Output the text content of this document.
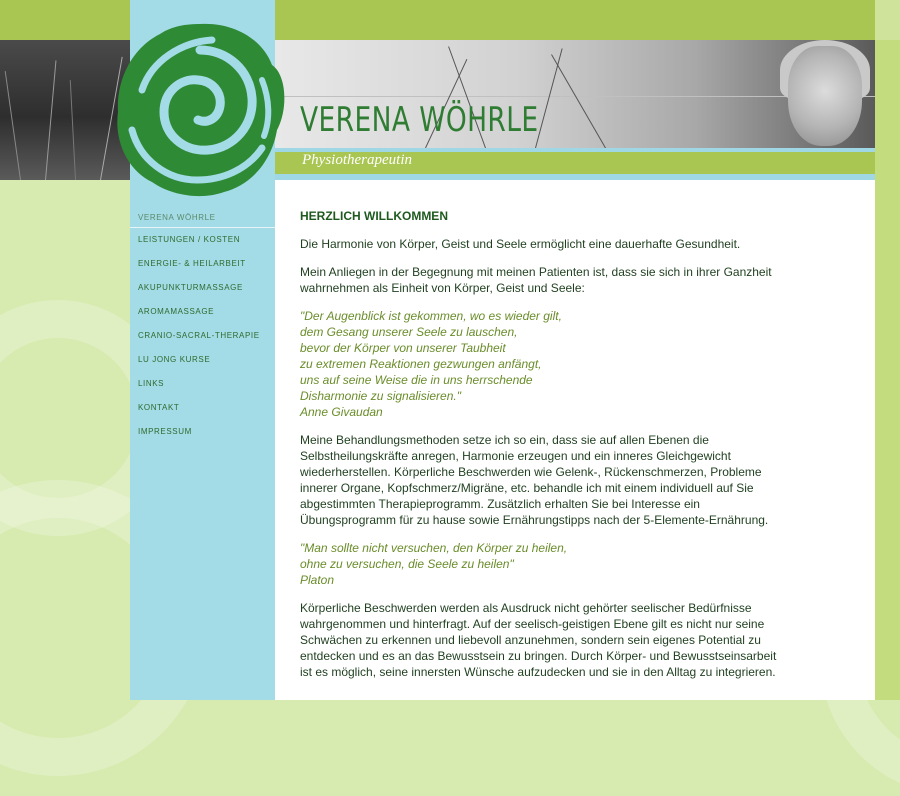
VERENA WÖHRLE
Physiotherapeutin
VERENA WÖHRLE
LEISTUNGEN / KOSTEN
ENERGIE- & HEILARBEIT
AKUPUNKTURMASSAGE
AROMAMASSAGE
CRANIO-SACRAL-THERAPIE
LU JONG KURSE
LINKS
KONTAKT
IMPRESSUM
HERZLICH WILLKOMMEN

Die Harmonie von Körper, Geist und Seele ermöglicht eine dauerhafte Gesundheit.

Mein Anliegen in der Begegnung mit meinen Patienten ist, dass sie sich in ihrer Ganzheit wahrnehmen als Einheit von Körper, Geist und Seele:

"Der Augenblick ist gekommen, wo es wieder gilt,
dem Gesang unserer Seele zu lauschen,
bevor der Körper von unserer Taubheit
zu extremen Reaktionen gezwungen anfängt,
uns auf seine Weise die in uns herrschende
Disharmonie zu signalisieren."
Anne Givaudan

Meine Behandlungsmethoden setze ich so ein, dass sie auf allen Ebenen die Selbstheilungskräfte anregen, Harmonie erzeugen und ein inneres Gleichgewicht wiederherstellen. Körperliche Beschwerden wie Gelenk-, Rückenschmerzen, Probleme innerer Organe, Kopfschmerz/Migräne, etc. behandle ich mit einem individuell auf Sie abgestimmten Therapieprogramm. Zusätzlich erhalten Sie bei Interesse ein Übungsprogramm für zu hause sowie Ernährungstipps nach der 5-Elemente-Ernährung.

"Man sollte nicht versuchen, den Körper zu heilen,
ohne zu versuchen, die Seele zu heilen"
Platon

Körperliche Beschwerden werden als Ausdruck nicht gehörter seelischer Bedürfnisse wahrgenommen und hinterfragt. Auf der seelisch-geistigen Ebene gilt es nicht nur seine Schwächen zu erkennen und liebevoll anzunehmen, sondern sein eigenes Potential zu entdecken und es an das Bewusstsein zu bringen. Durch Körper- und Bewusstseinsarbeit ist es möglich, seine innersten Wünsche aufzudecken und sie in den Alltag zu integrieren.
